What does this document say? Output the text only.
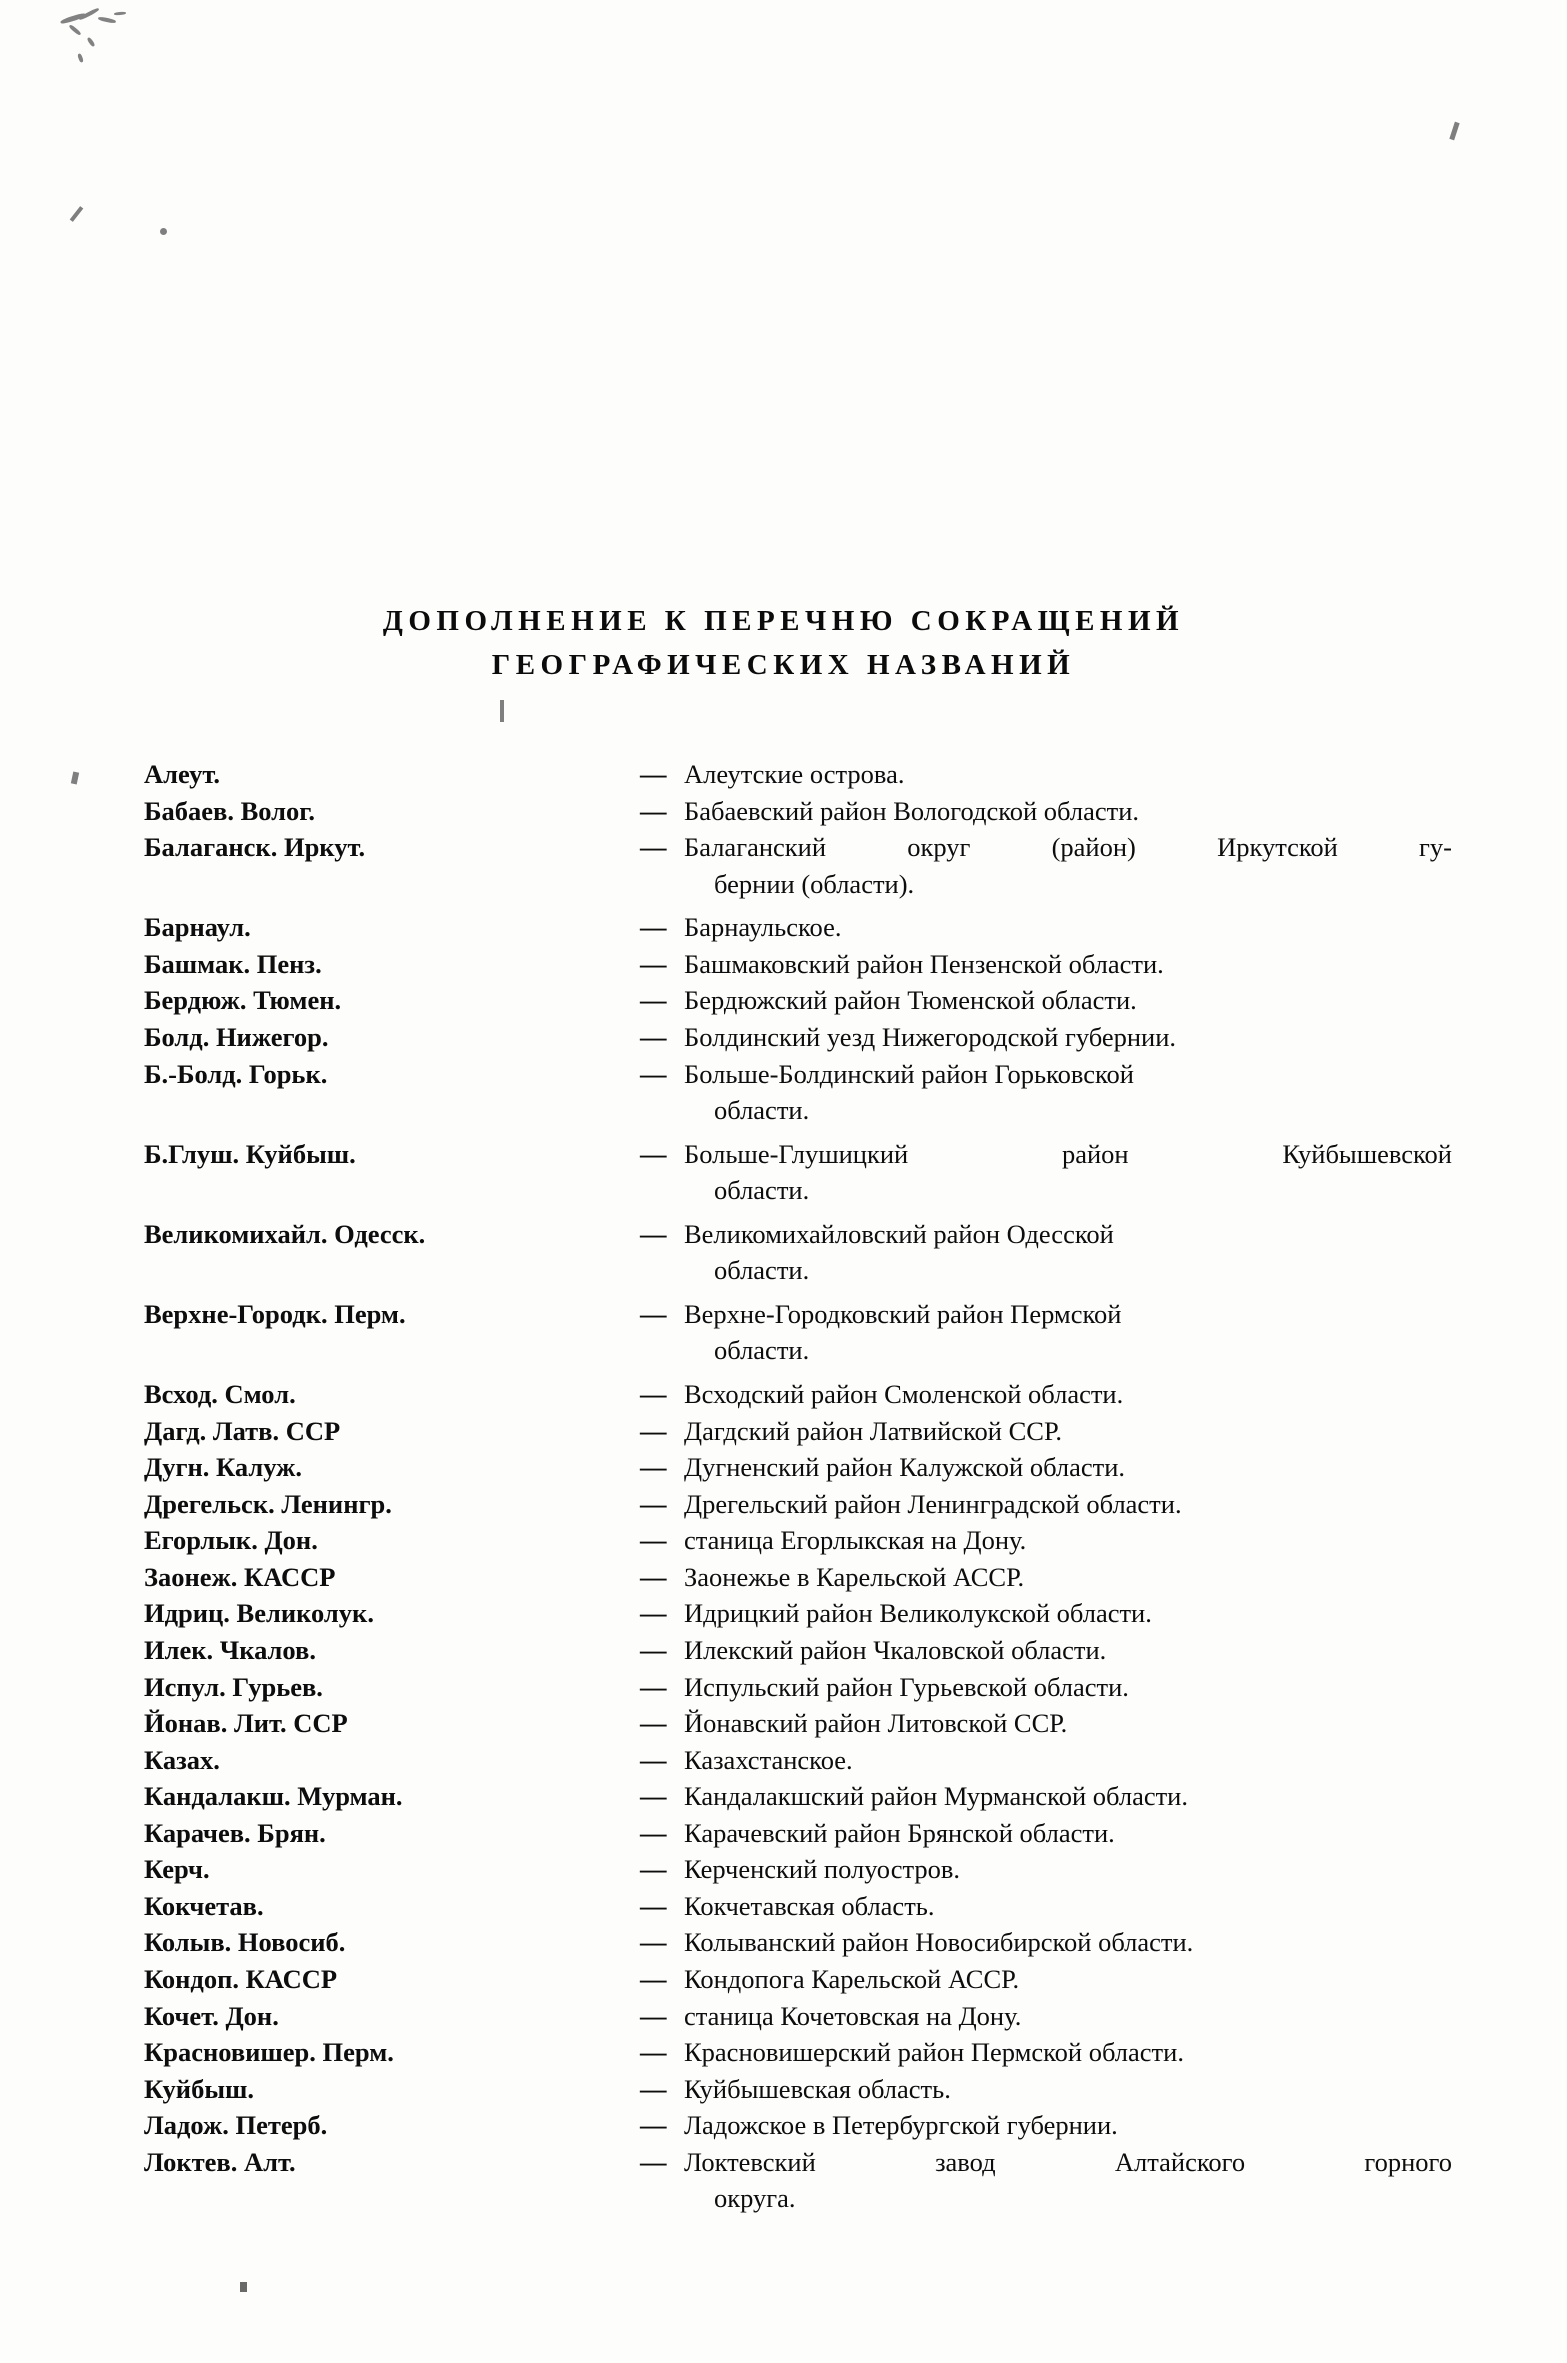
ДОПОЛНЕНИЕ К ПЕРЕЧНЮ СОКРАЩЕНИЙ
ГЕОГРАФИЧЕСКИХ НАЗВАНИЙ
Алеут.	— Алеутские острова.
Бабаев. Волог.	— Бабаевский район Вологодской области.
Балаганск. Иркут.	— Балаганский округ (район) Иркутской гу-
бернии (области).
Барнаул.	— Барнаульское.
Башмак. Пенз.	— Башмаковский район Пензенской области.
Бердюж. Тюмен.	— Бердюжский район Тюменской области.
Болд. Нижегор.	— Болдинский уезд Нижегородской губернии.
Б.-Болд. Горьк.	— Больше-Болдинский район Горьковской
области.
Б.Глуш. Куйбыш.	— Больше-Глушицкий район Куйбышевской
области.
Великомихайл. Одесск.	— Великомихайловский район Одесской
области.
Верхне-Городк. Перм.	— Верхне-Городковский район Пермской
области.
Всход. Смол.	— Всходский район Смоленской области.
Дагд. Латв. ССР	— Дагдский район Латвийской ССР.
Дугн. Калуж.	— Дугненский район Калужской области.
Дрегельск. Ленингр.	— Дрегельский район Ленинградской области.
Егорлык. Дон.	— станица Егорлыкская на Дону.
Заонеж. КАССР	— Заонежье в Карельской АССР.
Идриц. Великолук.	— Идрицкий район Великолукской области.
Илек. Чкалов.	— Илекский район Чкаловской области.
Испул. Гурьев.	— Испульский район Гурьевской области.
Йонав. Лит. ССР	— Йонавский район Литовской ССР.
Казах.	— Казахстанское.
Кандалакш. Мурман.	— Кандалакшский район Мурманской области.
Карачев. Брян.	— Карачевский район Брянской области.
Керч.	— Керченский полуостров.
Кокчетав.	— Кокчетавская область.
Колыв. Новосиб.	— Колыванский район Новосибирской области.
Кондоп. КАССР	— Кондопога Карельской АССР.
Кочет. Дон.	— станица Кочетовская на Дону.
Красновишер. Перм.	— Красновишерский район Пермской области.
Куйбыш.	— Куйбышевская область.
Ладож. Петерб.	— Ладожское в Петербургской губернии.
Локтев. Алт.	— Локтевский завод Алтайского горного
округа.
